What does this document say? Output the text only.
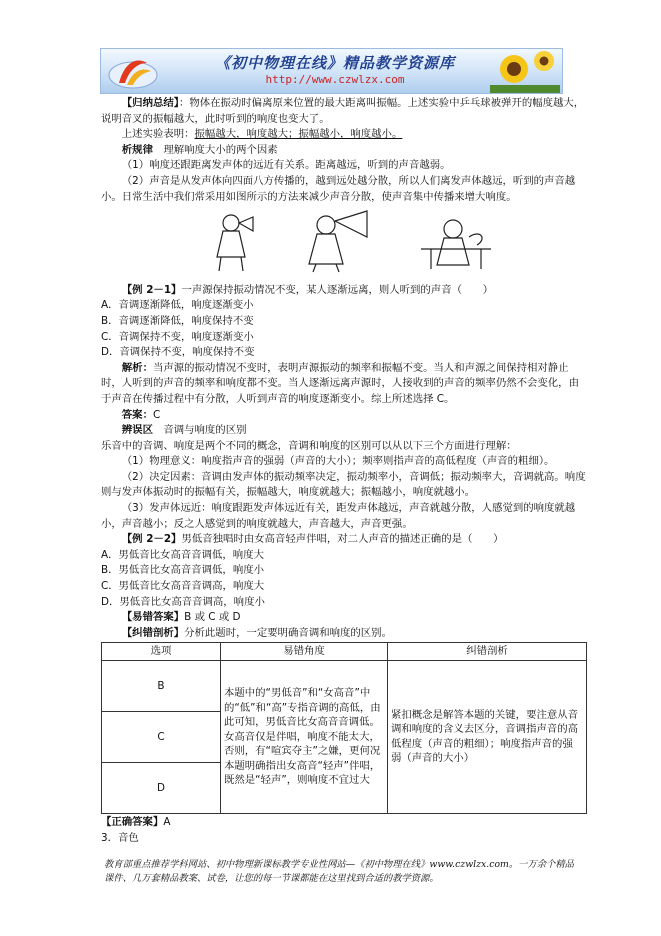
《初中物理在线》精品教学资源库
http://www.czwlzx.com

【归纳总结】：物体在振动时偏离原来位置的最大距离叫振幅。上述实验中乒乓球被弹开的幅度越大，说明音叉的振幅越大，此时听到的响度也变大了。

上述实验表明：振幅越大，响度越大；振幅越小，响度越小。

析规律　 理解响度大小的两个因素

（1）响度还跟距离发声体的远近有关系。距离越远，听到的声音越弱。

（2）声音是从发声体向四面八方传播的，越到远处越分散，所以人们离发声体越远，听到的声音越小。日常生活中我们常采用如图所示的方法来减少声音分散，使声音集中传播来增大响度。

【例 2－1】一声源保持振动情况不变，某人逐渐远离，则人听到的声音（　　）

A．音调逐渐降低，响度逐渐变小

B．音调逐渐降低，响度保持不变

C．音调保持不变，响度逐渐变小

D．音调保持不变，响度保持不变

解析：当声源的振动情况不变时，表明声源振动的频率和振幅不变。当人和声源之间保持相对静止时，人听到的声音的频率和响度都不变。当人逐渐远离声源时，人接收到的声音的频率仍然不会变化，由于声音在传播过程中有分散，人听到声音的响度逐渐变小。综上所述选择 C。

答案：C

辨误区　 音调与响度的区别

乐音中的音调、响度是两个不同的概念，音调和响度的区别可以从以下三个方面进行理解：

（1）物理意义：响度指声音的强弱（声音的大小）；频率则指声音的高低程度（声音的粗细）。

（2）决定因素：音调由发声体的振动频率决定，振动频率小，音调低；振动频率大，音调就高。响度则与发声体振动时的振幅有关，振幅越大，响度就越大；振幅越小，响度就越小。

（3）发声体远近：响度跟距发声体远近有关，距发声体越远，声音就越分散，人感觉到的响度就越小，声音越小；反之人感觉到的响度就越大，声音越大，声音更强。

【例 2－2】男低音独唱时由女高音轻声伴唱，对二人声音的描述正确的是（　　）

A．男低音比女高音音调低，响度大

B．男低音比女高音音调低，响度小

C．男低音比女高音音调高，响度大

D．男低音比女高音音调高，响度小

【易错答案】B 或 C 或 D

【纠错剖析】分析此题时，一定要明确音调和响度的区别。

选项	易错角度	纠错剖析
B	本题中的“男低音”和“女高音”中的“低”和“高”专指音调的高低，由此可知，男低音比女高音音调低。女高音仅是伴唱，响度不能太大，否则，有“喧宾夺主”之嫌，更何况本题明确指出女高音“轻声”伴唱，既然是“轻声”，则响度不宜过大	紧扣概念是解答本题的关键，要注意从音调和响度的含义去区分，音调指声音的高低程度（声音的粗细）；响度指声音的强弱（声音的大小）
C		
D		

【正确答案】A

3．音色

教育部重点推荐学科网站、初中物理新课标教学专业性网站—《初中物理在线》www.czwlzx.com。一万余个精品课件、几万套精品教案、试卷，让您的每一节课都能在这里找到合适的教学资源。
